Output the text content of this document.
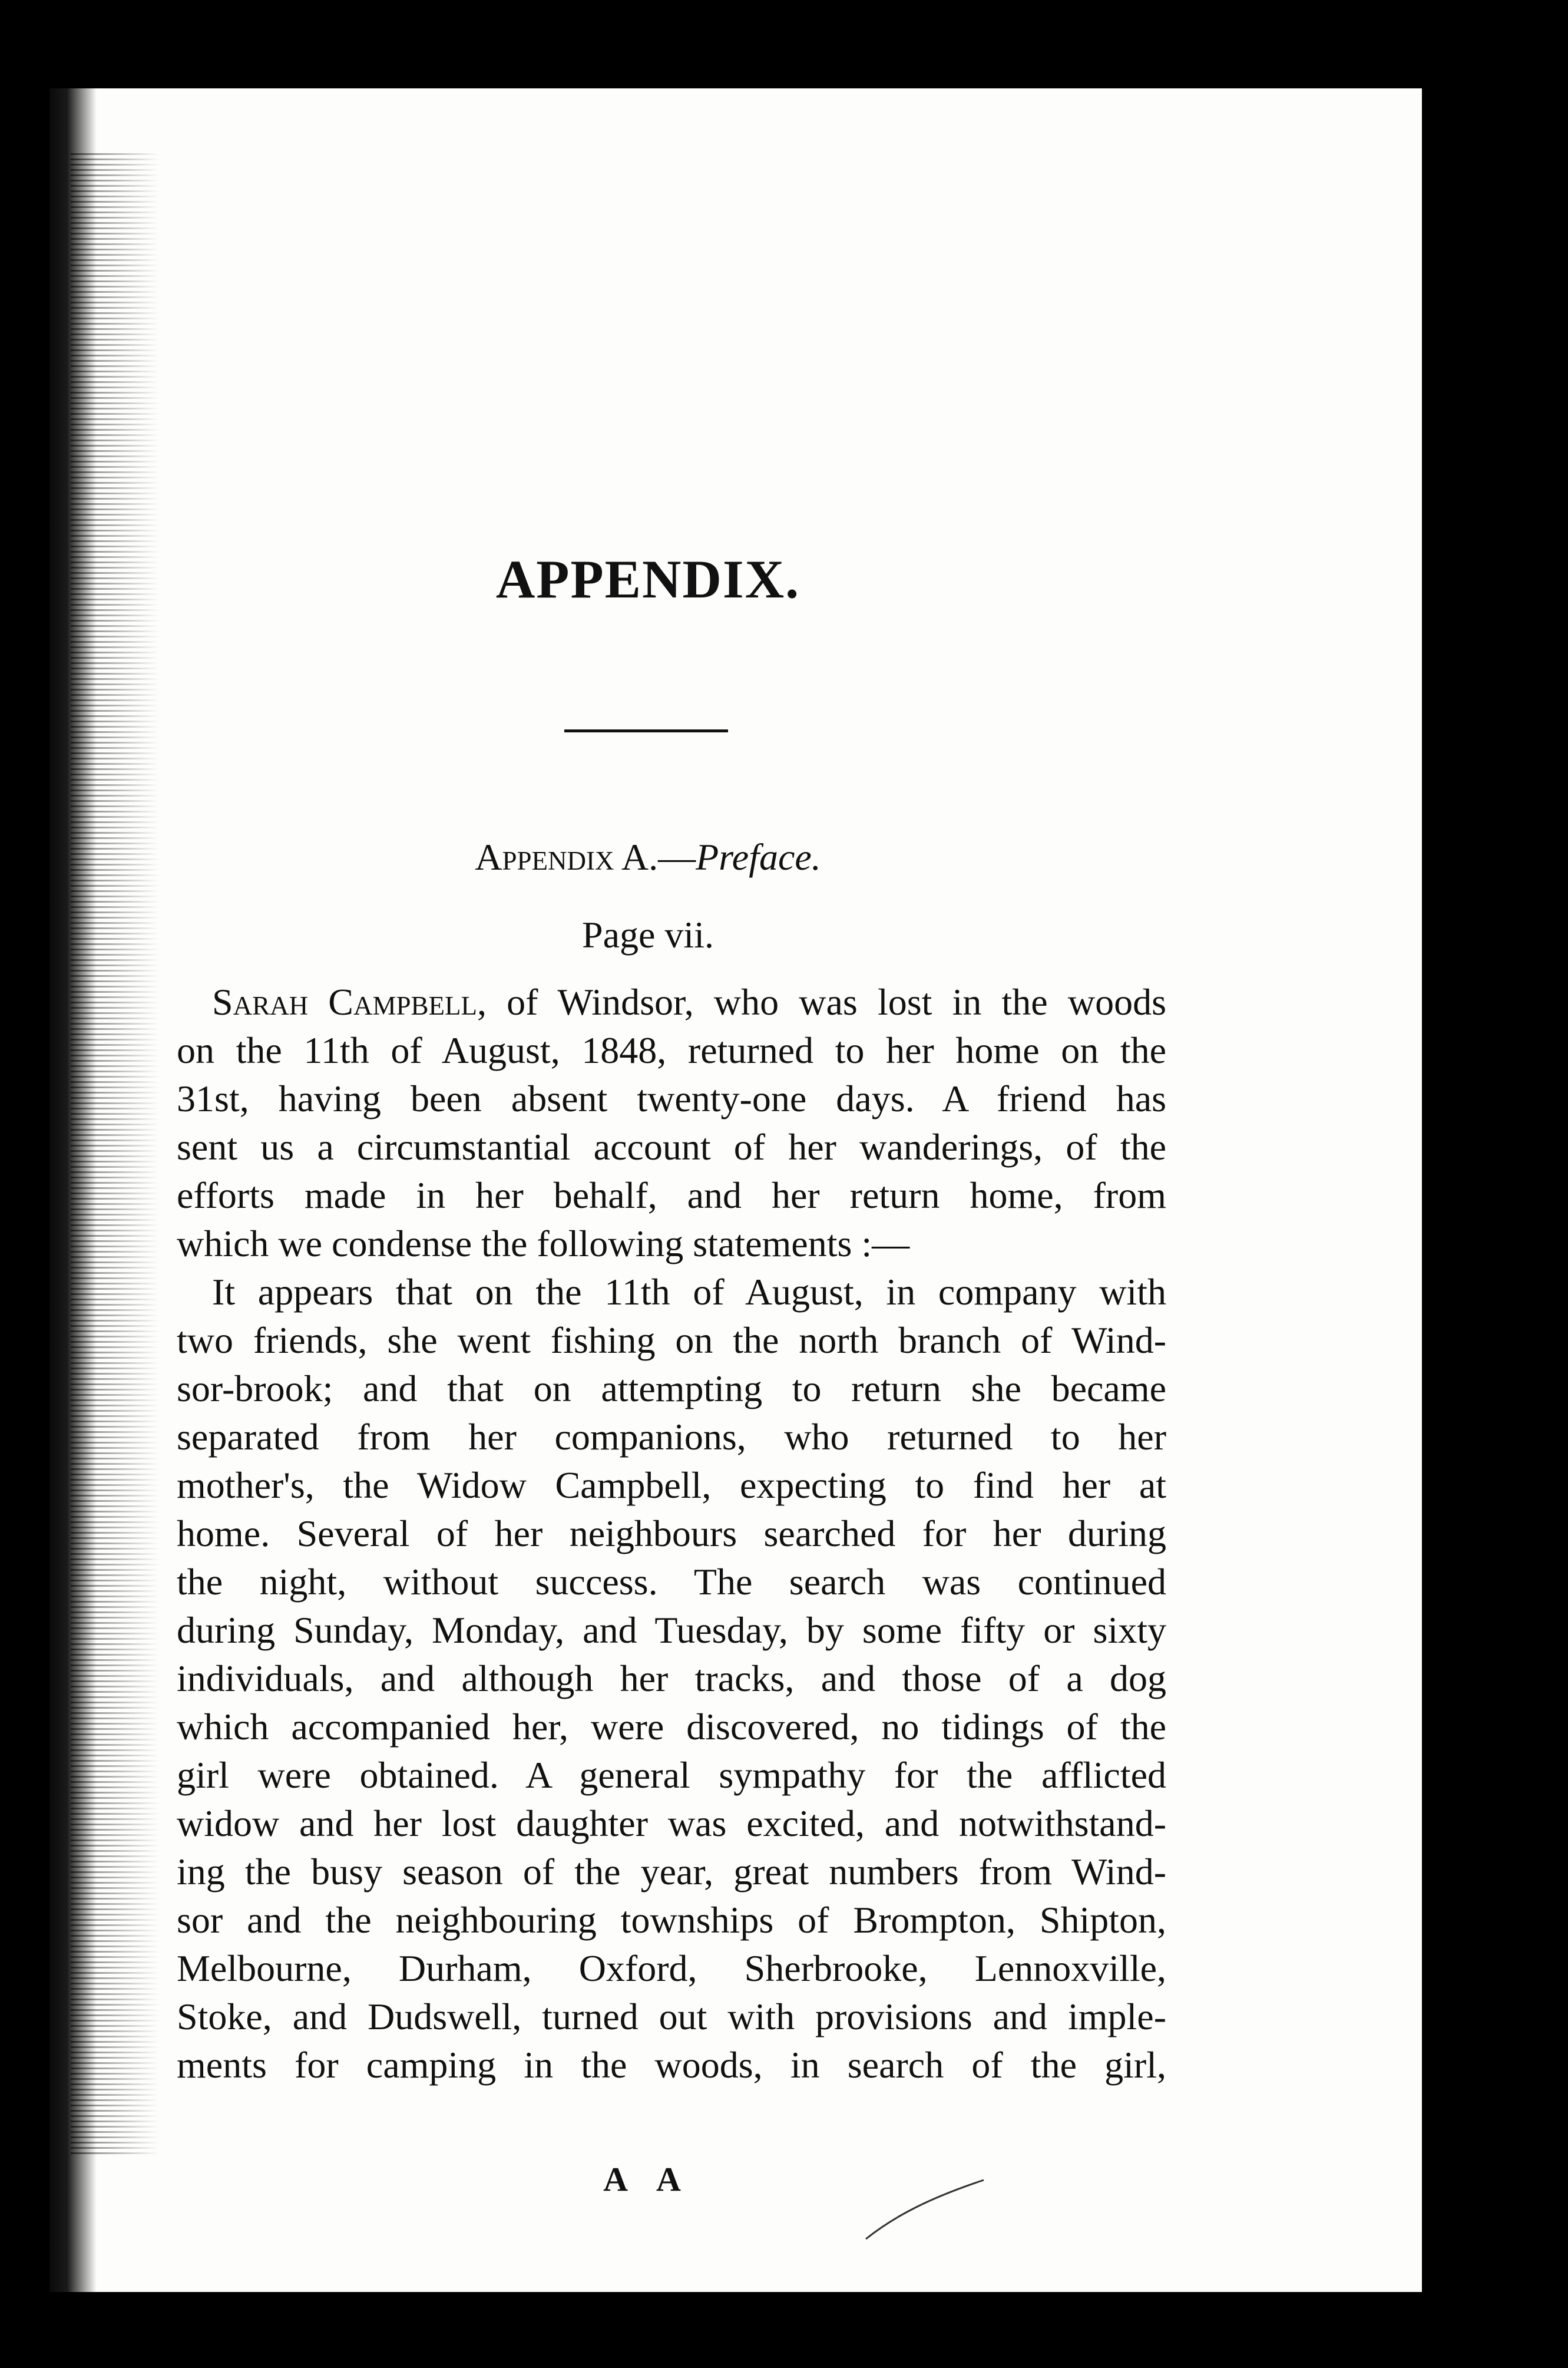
APPENDIX.

Appendix A.—Preface.

Page vii.

Sarah Campbell, of Windsor, who was lost in the woods
on the 11th of August, 1848, returned to her home on the
31st, having been absent twenty-one days. A friend has
sent us a circumstantial account of her wanderings, of the
efforts made in her behalf, and her return home, from
which we condense the following statements :—
It appears that on the 11th of August, in company with
two friends, she went fishing on the north branch of Wind-
sor-brook; and that on attempting to return she became
separated from her companions, who returned to her
mother's, the Widow Campbell, expecting to find her at
home. Several of her neighbours searched for her during
the night, without success. The search was continued
during Sunday, Monday, and Tuesday, by some fifty or sixty
individuals, and although her tracks, and those of a dog
which accompanied her, were discovered, no tidings of the
girl were obtained. A general sympathy for the afflicted
widow and her lost daughter was excited, and notwithstand-
ing the busy season of the year, great numbers from Wind-
sor and the neighbouring townships of Brompton, Shipton,
Melbourne, Durham, Oxford, Sherbrooke, Lennoxville,
Stoke, and Dudswell, turned out with provisions and imple-
ments for camping in the woods, in search of the girl,

A A
